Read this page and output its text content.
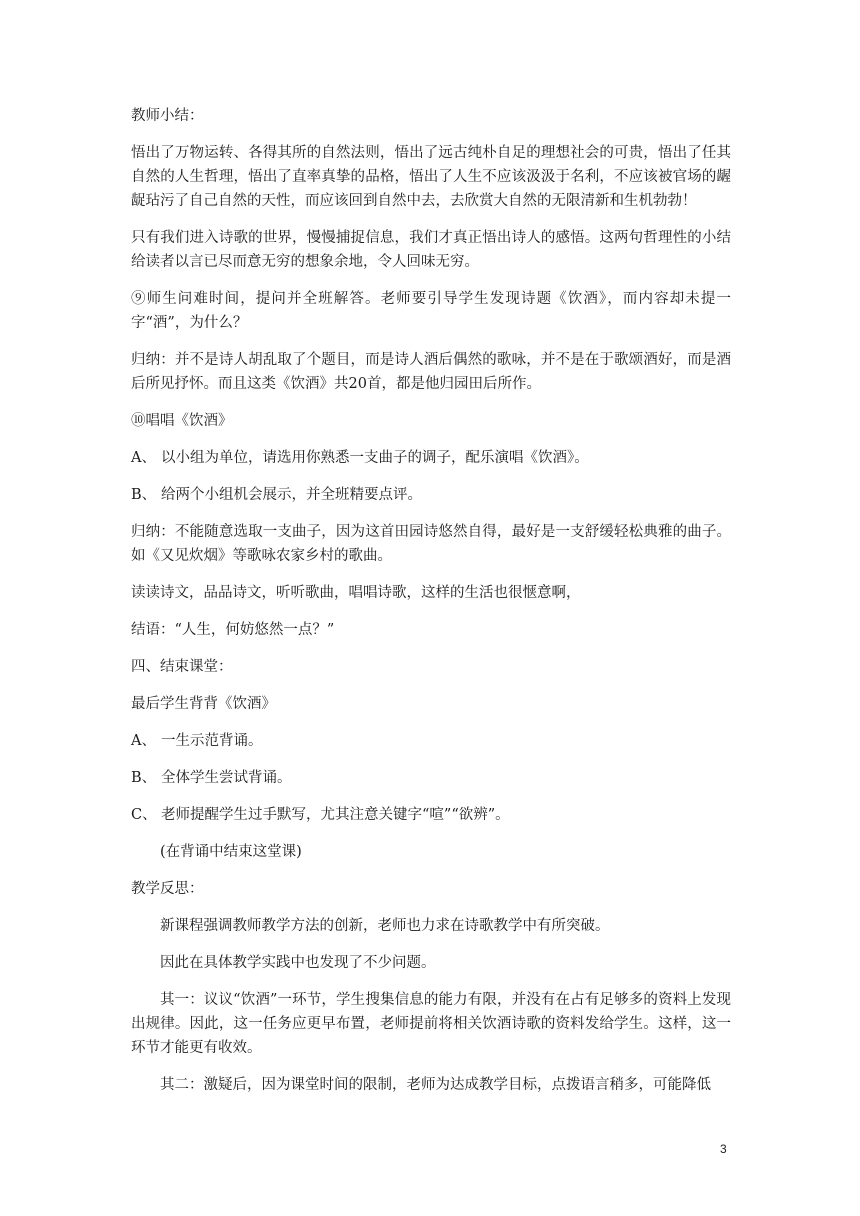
教师小结：

悟出了万物运转、各得其所的自然法则，悟出了远古纯朴自足的理想社会的可贵，悟出了任其自然的人生哲理，悟出了直率真挚的品格，悟出了人生不应该汲汲于名利，不应该被官场的龌龊玷污了自己自然的天性，而应该回到自然中去，去欣赏大自然的无限清新和生机勃勃！

只有我们进入诗歌的世界，慢慢捕捉信息，我们才真正悟出诗人的感悟。这两句哲理性的小结给读者以言已尽而意无穷的想象余地，令人回味无穷。

⑨师生问难时间，提问并全班解答。老师要引导学生发现诗题《饮酒》，而内容却未提一字“酒”，为什么？

归纳：并不是诗人胡乱取了个题目，而是诗人酒后偶然的歌咏，并不是在于歌颂酒好，而是酒后所见抒怀。而且这类《饮酒》共20首，都是他归园田后所作。

⑩唱唱《饮酒》

A、 以小组为单位，请选用你熟悉一支曲子的调子，配乐演唱《饮酒》。
B、 给两个小组机会展示，并全班精要点评。

归纳：不能随意选取一支曲子，因为这首田园诗悠然自得，最好是一支舒缓轻松典雅的曲子。如《又见炊烟》等歌咏农家乡村的歌曲。

读读诗文，品品诗文，听听歌曲，唱唱诗歌，这样的生活也很惬意啊，

结语：“人生，何妨悠然一点？”

四、结束课堂：

最后学生背背《饮酒》

A、 一生示范背诵。
B、 全体学生尝试背诵。
C、 老师提醒学生过手默写，尤其注意关键字“喧”“欲辨”。

(在背诵中结束这堂课)

教学反思：

新课程强调教师教学方法的创新，老师也力求在诗歌教学中有所突破。

因此在具体教学实践中也发现了不少问题。

其一：议议“饮酒”一环节，学生搜集信息的能力有限，并没有在占有足够多的资料上发现出规律。因此，这一任务应更早布置，老师提前将相关饮酒诗歌的资料发给学生。这样，这一环节才能更有收效。

其二：激疑后，因为课堂时间的限制，老师为达成教学目标，点拨语言稍多，可能降低

3
